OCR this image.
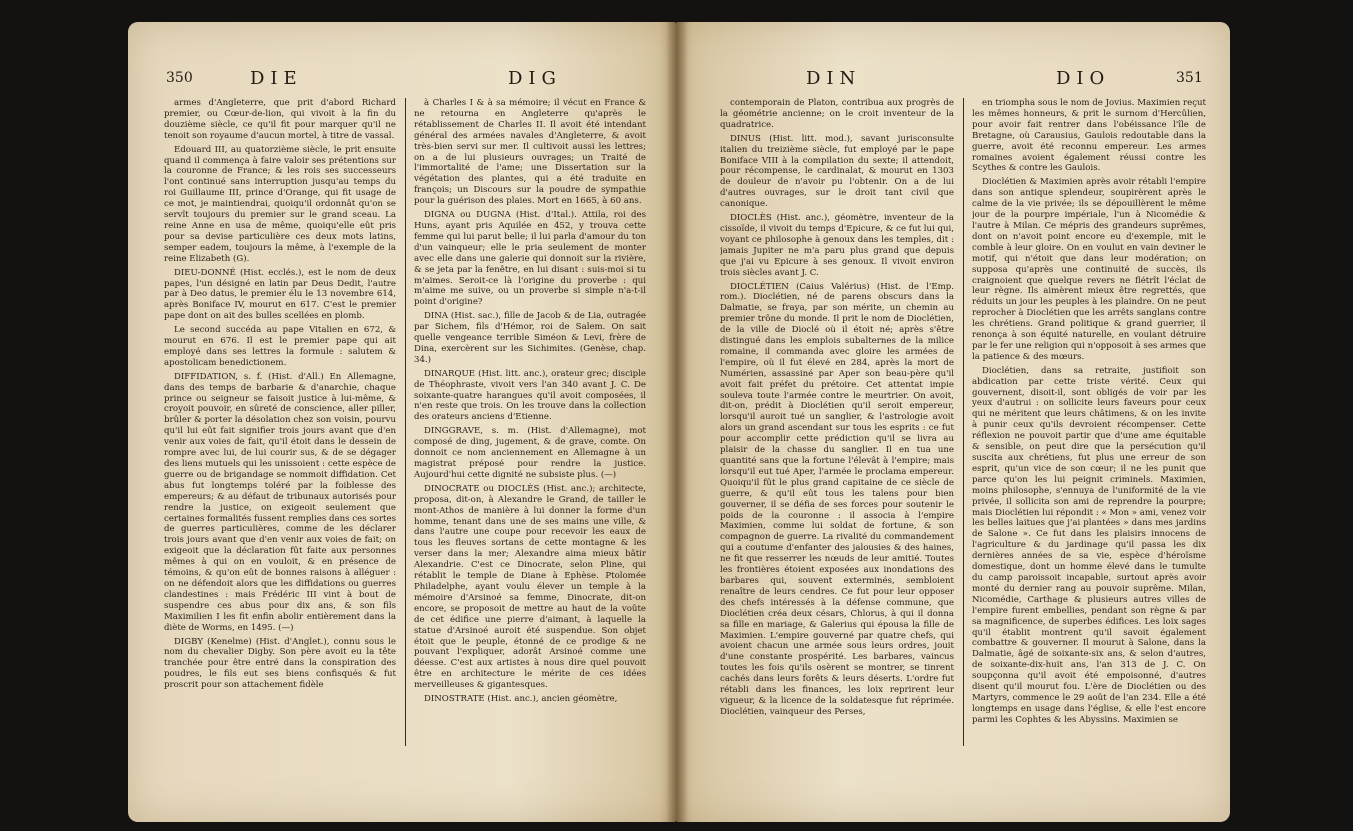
350	DIE	DIG

armes d'Angleterre, que prit d'abord Richard premier, ou Cœur-de-lion, qui vivoit à la fin du douzième siècle, ce qu'il fit pour marquer qu'il ne tenoit son royaume d'aucun mortel, à titre de vassal.

Edouard III, au quatorzième siècle, le prit ensuite quand il commença à faire valoir ses prétentions sur la couronne de France; & les rois ses successeurs l'ont continué sans interruption jusqu'au temps du roi Guillaume III, prince d'Orange, qui fit usage de ce mot, je maintiendrai, quoiqu'il ordonnât qu'on se servît toujours du premier sur le grand sceau. La reine Anne en usa de même, quoiqu'elle eût pris pour sa devise particulière ces deux mots latins, semper eadem, toujours la même, à l'exemple de la reine Elizabeth (G).

DIEU-DONNÉ (Hist. ecclés.), est le nom de deux papes, l'un désigné en latin par Deus Dedit, l'autre par à Deo datus, le premier élu le 13 novembre 614, après Boniface IV, mourut en 617. C'est le premier pape dont on ait des bulles scellées en plomb.

Le second succéda au pape Vitalien en 672, & mourut en 676. Il est le premier pape qui ait employé dans ses lettres la formule : salutem & apostolicam benedictionem.

DIFFIDATION, s. f. (Hist. d'All.) En Allemagne, dans des temps de barbarie & d'anarchie, chaque prince ou seigneur se faisoit justice à lui-même, & croyoit pouvoir, en sûreté de conscience, aller piller, brûler & porter la désolation chez son voisin, pourvu qu'il lui eût fait signifier trois jours avant que d'en venir aux voies de fait, qu'il étoit dans le dessein de rompre avec lui, de lui courir sus, & de se dégager des liens mutuels qui les unissoient : cette espèce de guerre ou de brigandage se nommoit diffidation. Cet abus fut longtemps toléré par la foiblesse des empereurs; & au défaut de tribunaux autorisés pour rendre la justice, on exigeoit seulement que certaines formalités fussent remplies dans ces sortes de guerres particulières, comme de les déclarer trois jours avant que d'en venir aux voies de fait; on exigeoit que la déclaration fût faite aux personnes mêmes à qui on en vouloit, & en présence de témoins, & qu'on eût de bonnes raisons à alléguer : on ne défendoit alors que les diffidations ou guerres clandestines : mais Frédéric III vint à bout de suspendre ces abus pour dix ans, & son fils Maximilien I les fit enfin abolir entièrement dans la diète de Worms, en 1495. (—)

DIGBY (Kenelme) (Hist. d'Anglet.), connu sous le nom du chevalier Digby. Son père avoit eu la tête tranchée pour être entré dans la conspiration des poudres, le fils eut ses biens confisqués & fut proscrit pour son attachement fidèle

à Charles I & à sa mémoire; il vécut en France & ne retourna en Angleterre qu'après le rétablissement de Charles II. Il avoit été intendant général des armées navales d'Angleterre, & avoit très-bien servi sur mer. Il cultivoit aussi les lettres; on a de lui plusieurs ouvrages; un Traité de l'immortalité de l'ame; une Dissertation sur la végétation des plantes, qui a été traduite en françois; un Discours sur la poudre de sympathie pour la guérison des plaies. Mort en 1665, à 60 ans.

DIGNA ou DUGNA (Hist. d'Ital.). Attila, roi des Huns, ayant pris Aquilée en 452, y trouva cette femme qui lui parut belle; il lui parla d'amour du ton d'un vainqueur; elle le pria seulement de monter avec elle dans une galerie qui donnoit sur la rivière, & se jeta par la fenêtre, en lui disant : suis-moi si tu m'aimes. Seroit-ce là l'origine du proverbe : qui m'aime me suive, ou un proverbe si simple n'a-t-il point d'origine?

DINA (Hist. sac.), fille de Jacob & de Lia, outragée par Sichem, fils d'Hémor, roi de Salem. On sait quelle vengeance terrible Siméon & Levi, frère de Dina, exercèrent sur les Sichimites. (Genèse, chap. 34.)

DINARQUE (Hist. litt. anc.), orateur grec; disciple de Théophraste, vivoit vers l'an 340 avant J. C. De soixante-quatre harangues qu'il avoit composées, il n'en reste que trois. On les trouve dans la collection des orateurs anciens d'Etienne.

DINGGRAVE, s. m. (Hist. d'Allemagne), mot composé de ding, jugement, & de grave, comte. On donnoit ce nom anciennement en Allemagne à un magistrat préposé pour rendre la justice. Aujourd'hui cette dignité ne subsiste plus. (—)

DINOCRATE ou DIOCLÈS (Hist. anc.); architecte, proposa, dit-on, à Alexandre le Grand, de tailler le mont-Athos de manière à lui donner la forme d'un homme, tenant dans une de ses mains une ville, & dans l'autre une coupe pour recevoir les eaux de tous les fleuves sortans de cette montagne & les verser dans la mer; Alexandre aima mieux bâtir Alexandrie. C'est ce Dinocrate, selon Pline, qui rétablit le temple de Diane à Ephèse. Ptolomée Philadelphe, ayant voulu élever un temple à la mémoire d'Arsinoé sa femme, Dinocrate, dit-on encore, se proposoit de mettre au haut de la voûte de cet édifice une pierre d'aimant, à laquelle la statue d'Arsinoé auroit été suspendue. Son objet étoit que le peuple, étonné de ce prodige & ne pouvant l'expliquer, adorât Arsinoé comme une déesse. C'est aux artistes à nous dire quel pouvoit être en architecture le mérite de ces idées merveilleuses & gigantesques.

DINOSTRATE (Hist. anc.), ancien géomètre,

DIN	DIO	351

contemporain de Platon, contribua aux progrès de la géométrie ancienne; on le croit inventeur de la quadratrice.

DINUS (Hist. litt. mod.), savant jurisconsulte italien du treizième siècle, fut employé par le pape Boniface VIII à la compilation du sexte; il attendoit, pour récompense, le cardinalat, & mourut en 1303 de douleur de n'avoir pu l'obtenir. On a de lui d'autres ouvrages, sur le droit tant civil que canonique.

DIOCLÈS (Hist. anc.), géomètre, inventeur de la cissoïde, il vivoit du temps d'Epicure, & ce fut lui qui, voyant ce philosophe à genoux dans les temples, dit : jamais Jupiter ne m'a paru plus grand que depuis que j'ai vu Epicure à ses genoux. Il vivoit environ trois siècles avant J. C.

DIOCLÉTIEN (Caius Valérius) (Hist. de l'Emp. rom.). Dioclétien, né de parens obscurs dans la Dalmatie, se fraya, par son mérite, un chemin au premier trône du monde. Il prit le nom de Dioclétien, de la ville de Dioclé où il étoit né; après s'être distingué dans les emplois subalternes de la milice romaine, il commanda avec gloire les armées de l'empire, où il fut élevé en 284, après la mort de Numérien, assassiné par Aper son beau-père qu'il avoit fait préfet du prétoire. Cet attentat impie souleva toute l'armée contre le meurtrier. On avoit, dit-on, prédit à Dioclétien qu'il seroit empereur, lorsqu'il auroit tué un sanglier, & l'astrologie avoit alors un grand ascendant sur tous les esprits : ce fut pour accomplir cette prédiction qu'il se livra au plaisir de la chasse du sanglier. Il en tua une quantité sans que la fortune l'élevât à l'empire; mais lorsqu'il eut tué Aper, l'armée le proclama empereur. Quoiqu'il fût le plus grand capitaine de ce siècle de guerre, & qu'il eût tous les talens pour bien gouverner, il se défia de ses forces pour soutenir le poids de la couronne : il associa à l'empire Maximien, comme lui soldat de fortune, & son compagnon de guerre. La rivalité du commandement qui a coutume d'enfanter des jalousies & des haines, ne fit que resserrer les nœuds de leur amitié. Toutes les frontières étoient exposées aux inondations des barbares qui, souvent exterminés, sembloient renaître de leurs cendres. Ce fut pour leur opposer des chefs intéressés à la défense commune, que Dioclétien créa deux césars, Chlorus, à qui il donna sa fille en mariage, & Galerius qui épousa la fille de Maximien. L'empire gouverné par quatre chefs, qui avoient chacun une armée sous leurs ordres, jouit d'une constante prospérité. Les barbares, vaincus toutes les fois qu'ils osèrent se montrer, se tinrent cachés dans leurs forêts & leurs déserts. L'ordre fut rétabli dans les finances, les loix reprirent leur vigueur, & la licence de la soldatesque fut réprimée. Dioclétien, vainqueur des Perses,

en triompha sous le nom de Jovius. Maximien reçut les mêmes honneurs, & prit le surnom d'Hercûlien, pour avoir fait rentrer dans l'obéissance l'île de Bretagne, où Carausius, Gaulois redoutable dans la guerre, avoit été reconnu empereur. Les armes romaines avoient également réussi contre les Scythes & contre les Gaulois.

Dioclétien & Maximien après avoir rétabli l'empire dans son antique splendeur, soupirèrent après le calme de la vie privée; ils se dépouillèrent le même jour de la pourpre impériale, l'un à Nicomédie & l'autre à Milan. Ce mépris des grandeurs suprêmes, dont on n'avoit point encore eu d'exemple, mit le comble à leur gloire. On en voulut en vain deviner le motif, qui n'étoit que dans leur modération; on supposa qu'après une continuité de succès, ils craignoient que quelque revers ne flétrît l'éclat de leur règne. Ils aimèrent mieux être regrettés, que réduits un jour les peuples à les plaindre. On ne peut reprocher à Dioclétien que les arrêts sanglans contre les chrétiens. Grand politique & grand guerrier, il renonça à son équité naturelle, en voulant détruire par le fer une religion qui n'opposoit à ses armes que la patience & des mœurs.

Dioclétien, dans sa retraite, justifioit son abdication par cette triste vérité. Ceux qui gouvernent, disoit-il, sont obligés de voir par les yeux d'autrui : on sollicite leurs faveurs pour ceux qui ne méritent que leurs châtimens, & on les invite à punir ceux qu'ils devroient récompenser. Cette réflexion ne pouvoit partir que d'une ame équitable & sensible, on peut dire que la persécution qu'il suscita aux chrétiens, fut plus une erreur de son esprit, qu'un vice de son cœur; il ne les punit que parce qu'on les lui peignit criminels. Maximien, moins philosophe, s'ennuya de l'uniformité de la vie privée, il sollicita son ami de reprendre la pourpre; mais Dioclétien lui répondit : « Mon » ami, venez voir les belles laitues que j'ai plantées » dans mes jardins de Salone ». Ce fut dans les plaisirs innocens de l'agriculture & du jardinage qu'il passa les dix dernières années de sa vie, espèce d'héroïsme domestique, dont un homme élevé dans le tumulte du camp paroissoit incapable, surtout après avoir monté du dernier rang au pouvoir suprême. Milan, Nicomédie, Carthage & plusieurs autres villes de l'empire furent embellies, pendant son règne & par sa magnificence, de superbes édifices. Les loix sages qu'il établit montrent qu'il savoit également combattre & gouverner. Il mourut à Salone, dans la Dalmatie, âgé de soixante-six ans, & selon d'autres, de soixante-dix-huit ans, l'an 313 de J. C. On soupçonna qu'il avoit été empoisonné, d'autres disent qu'il mourut fou. L'ère de Dioclétien ou des Martyrs, commence le 29 août de l'an 234. Elle a été longtemps en usage dans l'église, & elle l'est encore parmi les Cophtes & les Abyssins. Maximien se
